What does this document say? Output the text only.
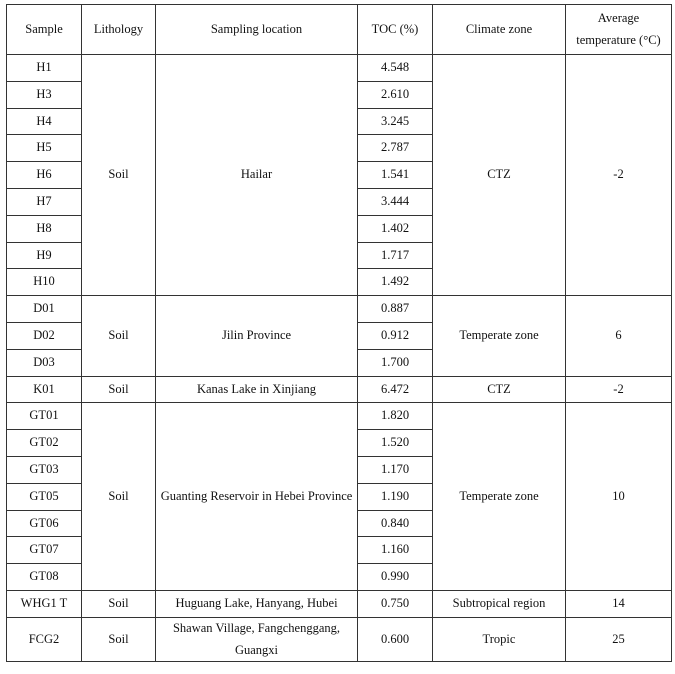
Sample	Lithology	Sampling location	TOC (%)	Climate zone	Average temperature (°C)
H1	Soil	Hailar	4.548	CTZ	-2
H3			2.610		
H4			3.245		
H5			2.787		
H6			1.541		
H7			3.444		
H8			1.402		
H9			1.717		
H10			1.492		
D01	Soil	Jilin Province	0.887	Temperate zone	6
D02			0.912		
D03			1.700		
K01	Soil	Kanas Lake in Xinjiang	6.472	CTZ	-2
GT01	Soil	Guanting Reservoir in Hebei Province	1.820	Temperate zone	10
GT02			1.520		
GT03			1.170		
GT05			1.190		
GT06			0.840		
GT07			1.160		
GT08			0.990		
WHG1 T	Soil	Huguang Lake, Hanyang, Hubei	0.750	Subtropical region	14
FCG2	Soil	Shawan Village, Fangchenggang, Guangxi	0.600	Tropic	25
